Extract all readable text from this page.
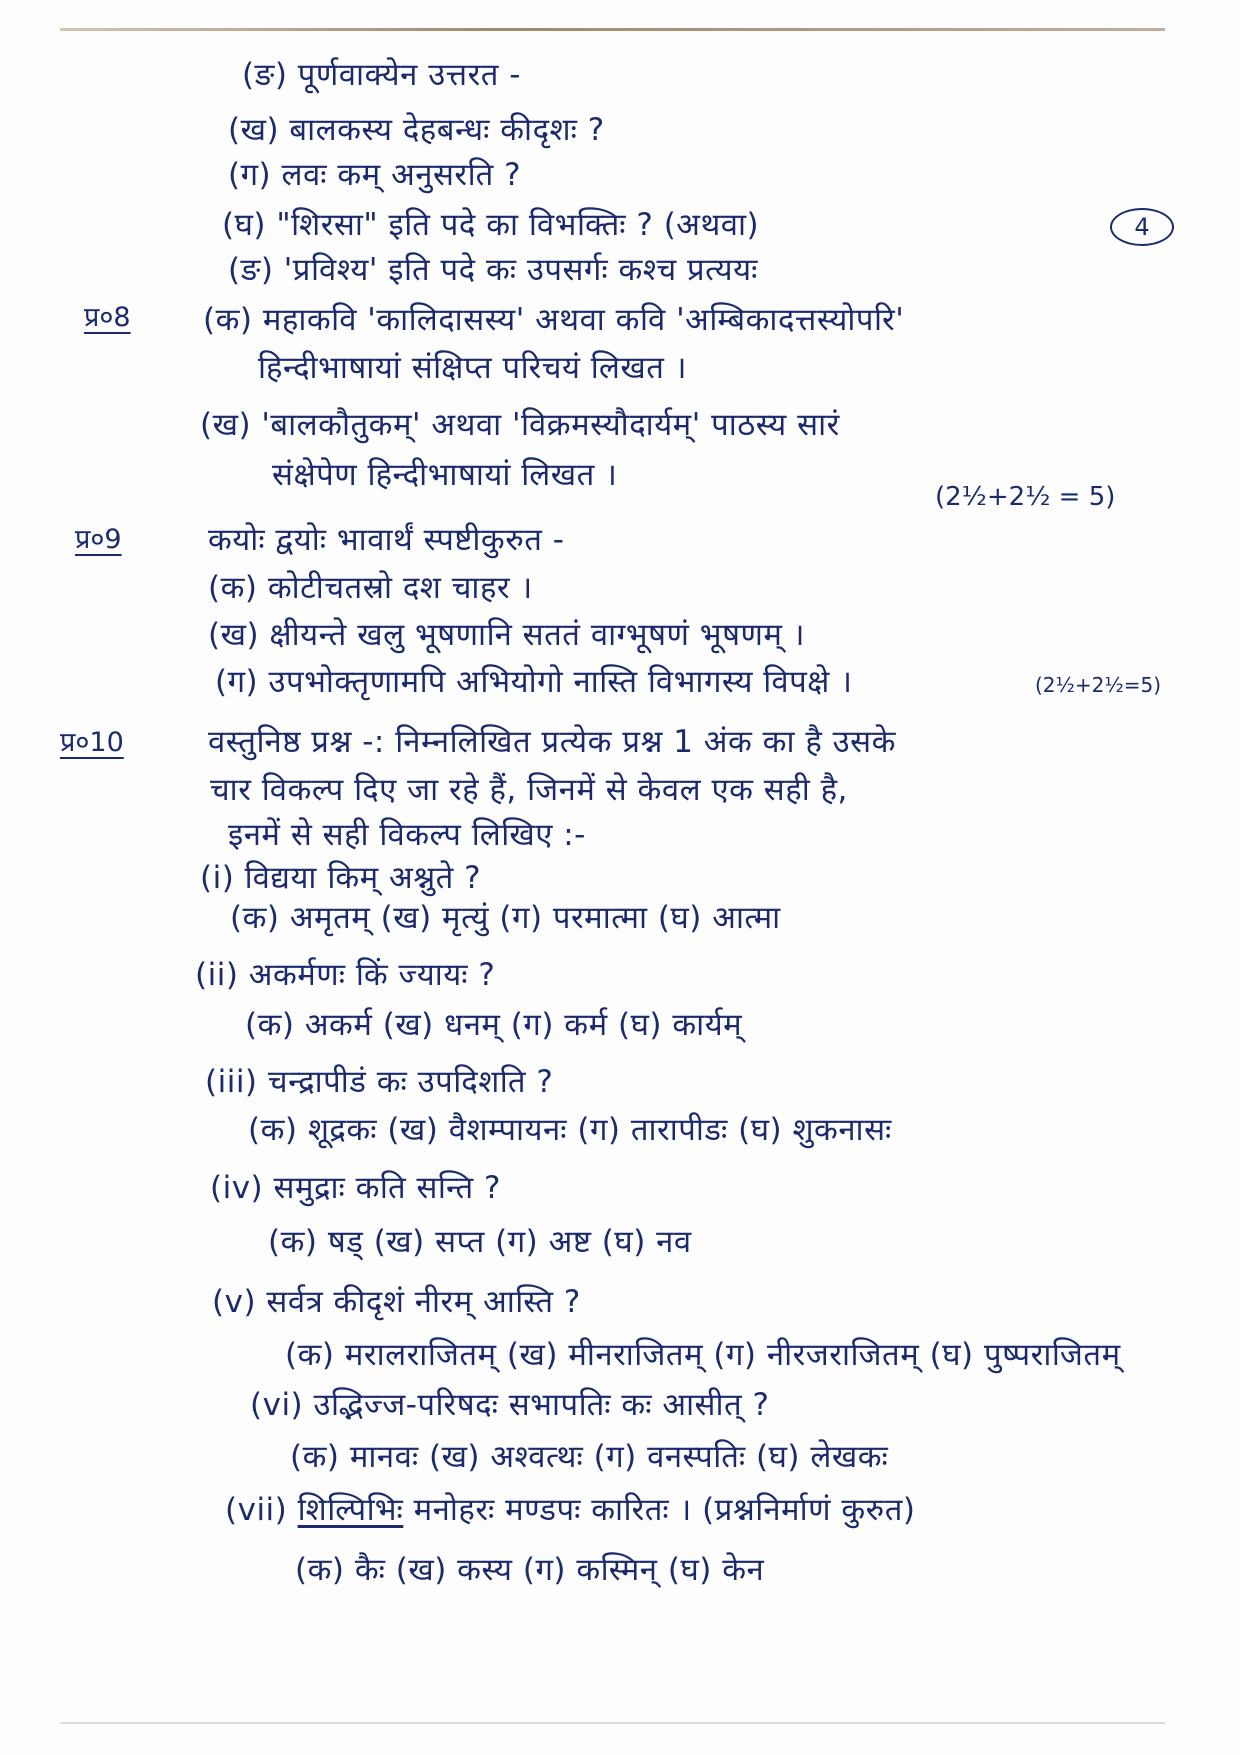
(ङ) पूर्णवाक्येन उत्तरत -
(ख) बालकस्य देहबन्धः कीदृशः ?
(ग) लवः कम् अनुसरति ?
(घ) "शिरसा" इति पदे का विभक्तिः ? (अथवा)	4
(ङ) 'प्रविश्य' इति पदे कः उपसर्गः कश्च प्रत्ययः
प्र०8 (क) महाकवि 'कालिदासस्य' अथवा कवि 'अम्बिकादत्तस्योपरि'
हिन्दीभाषायां संक्षिप्त परिचयं लिखत ।
(ख) 'बालकौतुकम्' अथवा 'विक्रमस्यौदार्यम्' पाठस्य सारं
संक्षेपेण हिन्दीभाषायां लिखत ।
(2½+2½ = 5)
प्र०9	कयोः द्वयोः भावार्थं स्पष्टीकुरुत -
(क) कोटीचतस्रो दश चाहर ।
(ख) क्षीयन्ते खलु भूषणानि सततं वाग्भूषणं भूषणम् ।
(ग) उपभोक्तृणामपि अभियोगो नास्ति विभागस्य विपक्षे ।	(2½+2½=5)
प्र०10	वस्तुनिष्ठ प्रश्न -: निम्नलिखित प्रत्येक प्रश्न 1 अंक का है उसके
चार विकल्प दिए जा रहे हैं, जिनमें से केवल एक सही है,
इनमें से सही विकल्प लिखिए :-
(i) विद्यया किम् अश्नुते ?
(क) अमृतम् (ख) मृत्युं (ग) परमात्मा (घ) आत्मा
(ii) अकर्मणः किं ज्यायः ?
(क) अकर्म (ख) धनम् (ग) कर्म (घ) कार्यम्
(iii) चन्द्रापीडं कः उपदिशति ?
(क) शूद्रकः (ख) वैशम्पायनः (ग) तारापीडः (घ) शुकनासः
(iv) समुद्राः कति सन्ति ?
(क) षड् (ख) सप्त (ग) अष्ट (घ) नव
(v) सर्वत्र कीदृशं नीरम् आस्ति ?
(क) मरालराजितम् (ख) मीनराजितम् (ग) नीरजराजितम् (घ) पुष्पराजितम्
(vi) उद्भिज्ज-परिषदः सभापतिः कः आसीत् ?
(क) मानवः (ख) अश्वत्थः (ग) वनस्पतिः (घ) लेखकः
(vii) शिल्पिभिः मनोहरः मण्डपः कारितः । (प्रश्ननिर्माणं कुरुत)
(क) कैः (ख) कस्य (ग) कस्मिन् (घ) केन
